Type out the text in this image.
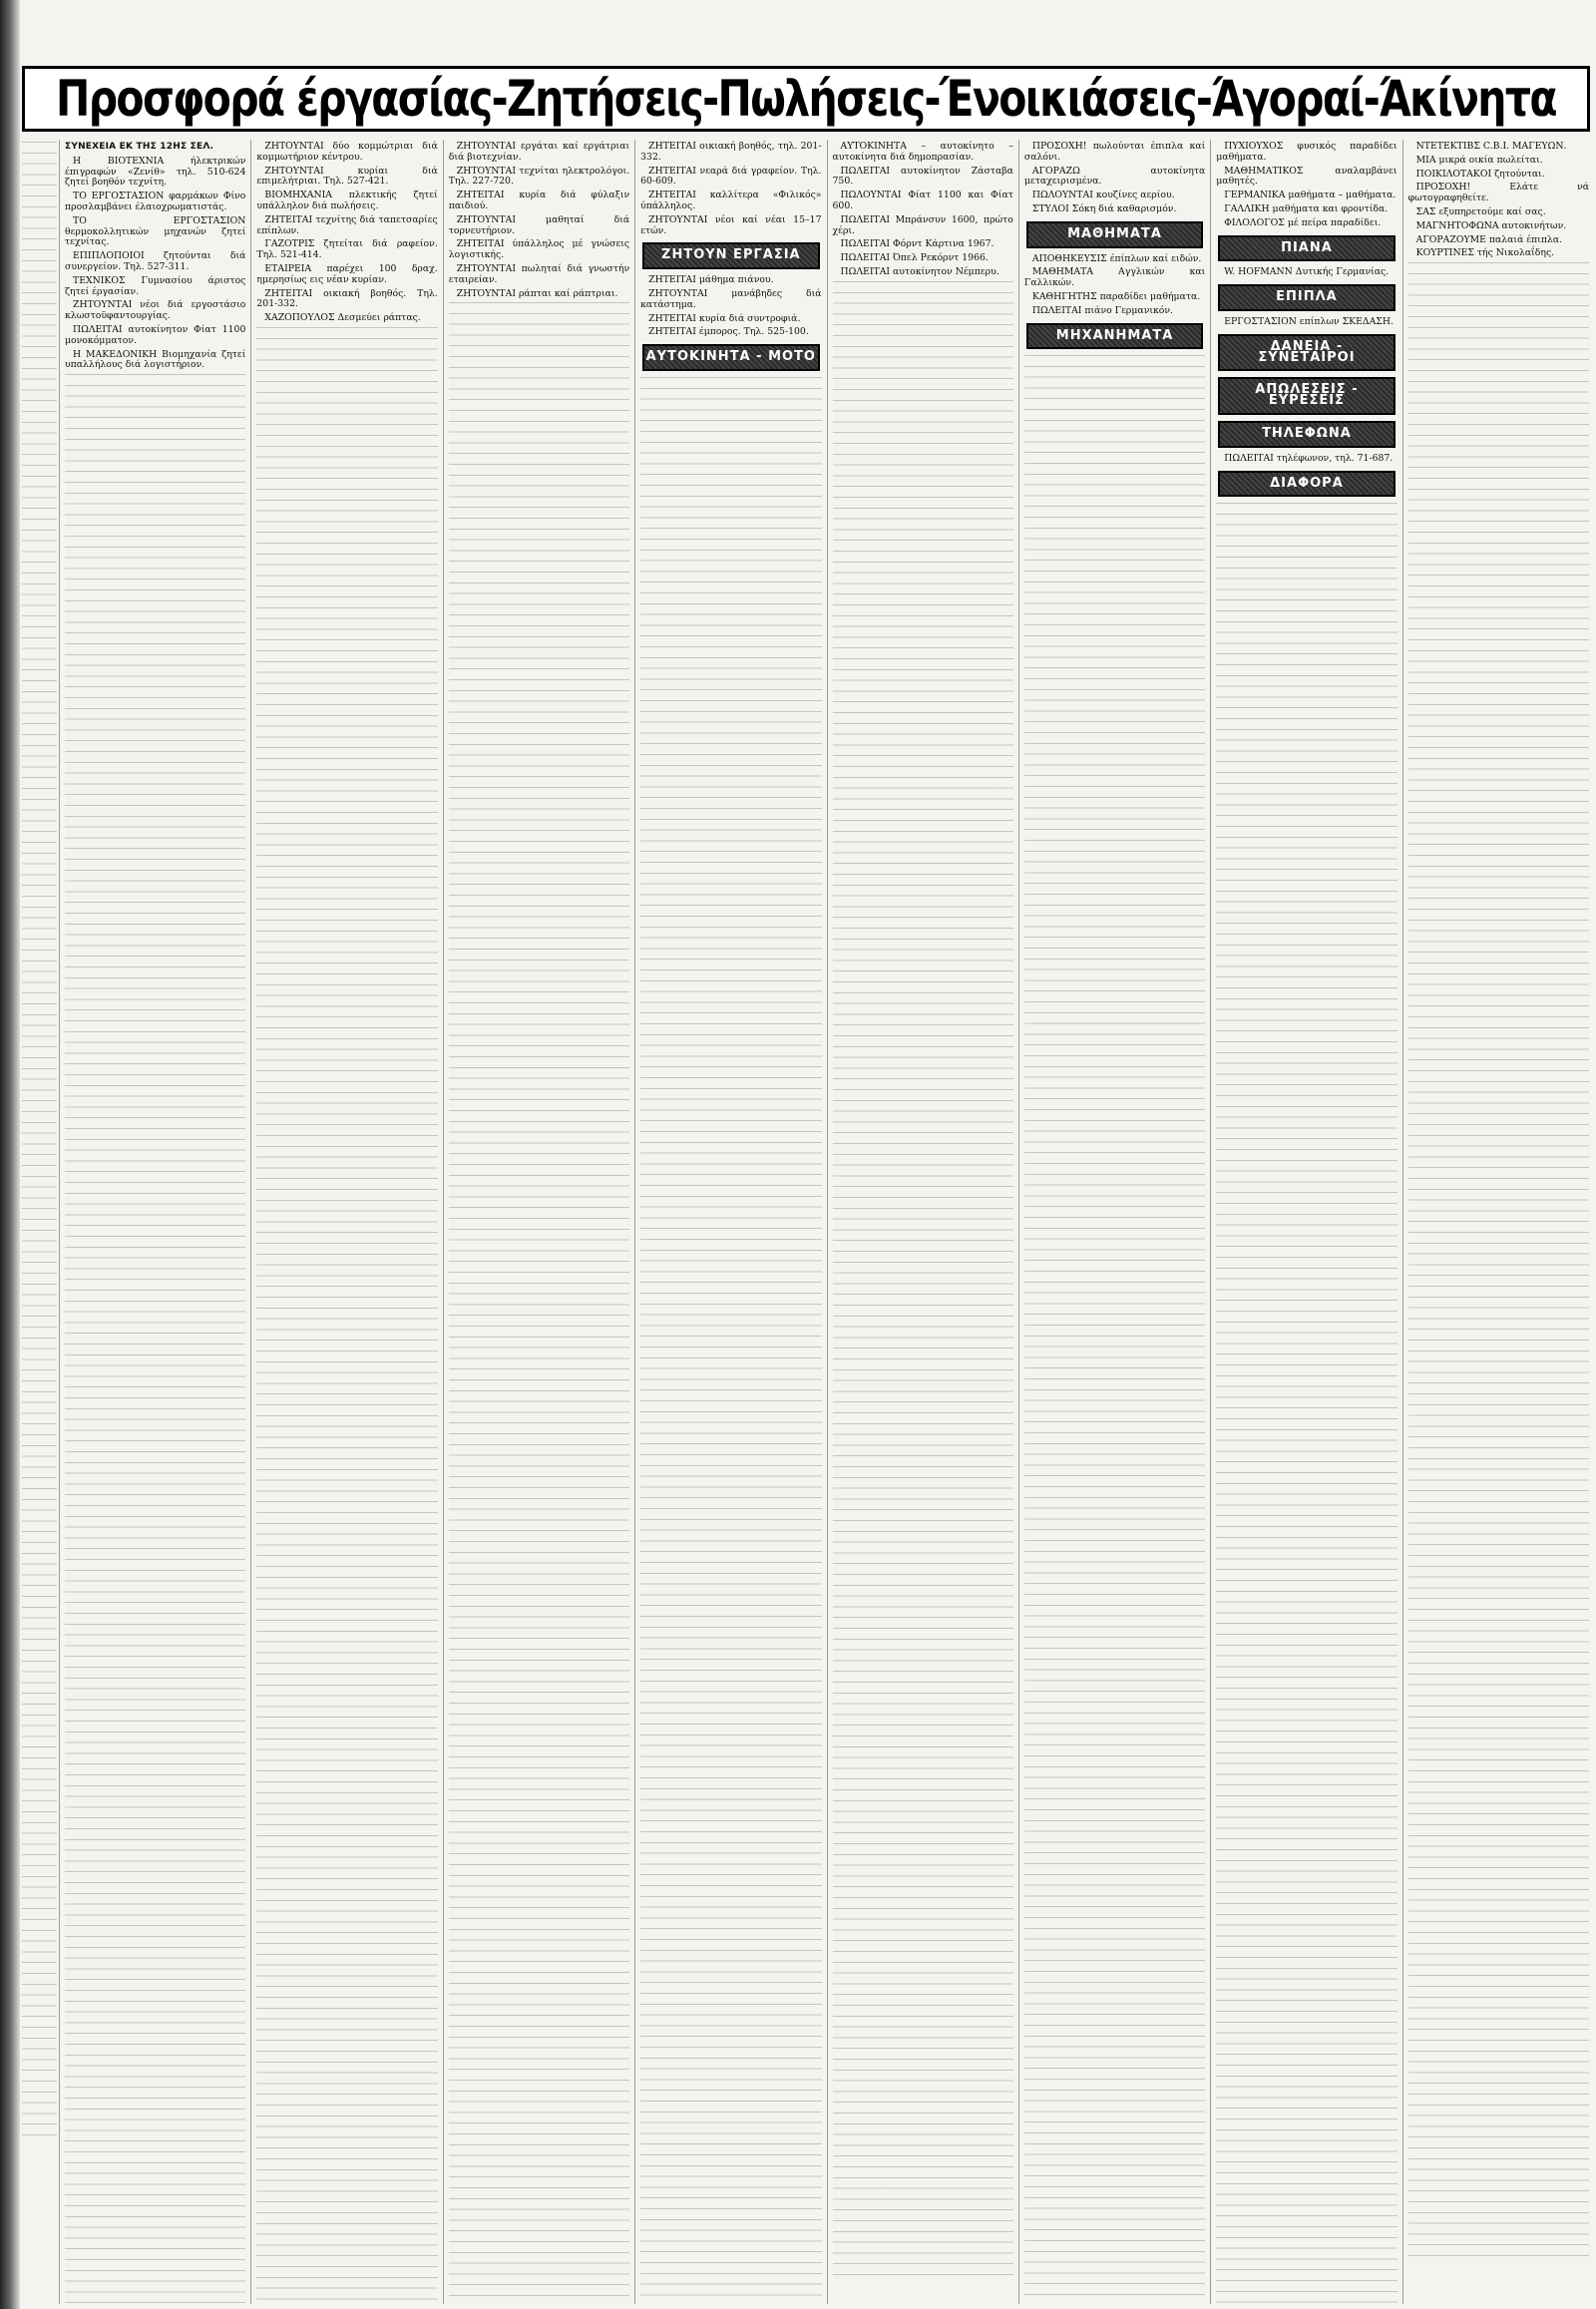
Προσφορά έργασίας-Ζητήσεις-Πωλήσεις-Ένοικιάσεις-Άγοραί-Άκίνητα
ΣΥΝΕΧΕΙΑ ΕΚ ΤΗΣ 12ΗΣ ΣΕΛ.

Η ΒΙΟΤΕΧΝΙΑ ήλεκτρικών έπιγραφών «Ζενίθ» τηλ. 510-624 ζητεί βοηθόν τεχνίτη.

ΤΟ ΕΡΓΟΣΤΑΣΙΟΝ φαρμάκων Φίνο προσλαμβάνει έλαιοχρωματιστάς.

ΤΟ ΕΡΓΟΣΤΑΣΙΟΝ θερμοκολλητικών μηχανών ζητεί τεχνίτας.

ΕΠΙΠΛΟΠΟΙΟΙ ζητούνται διά συνεργείον. Τηλ. 527-311.

ΤΕΧΝΙΚΟΣ Γυμνασίου άριστος ζητεί έργασίαν.

ΖΗΤΟΥΝΤΑΙ νέοι διά εργοστάσιο κλωστοϋφαντουργίας.

ΠΩΛΕΙΤΑΙ αυτοκίνητον Φίατ 1100 μονοκόμματον.

Η ΜΑΚΕΔΟΝΙΚΗ Βιομηχανία ζητεί υπαλλήλους διά λογιστήριον.

ΖΗΤΟΥΝΤΑΙ δύο κομμώτριαι διά κομμωτήριον κέντρου.

ΖΗΤΟΥΝΤΑΙ κυρίαι διά επιμελήτριαι. Τηλ. 527-421.

ΒΙΟΜΗΧΑΝΙΑ πλεκτικής ζητεί υπάλληλον διά πωλήσεις.

ΖΗΤΕΙΤΑΙ τεχνίτης διά ταπετσαρίες επίπλων.

ΓΑΖΟΤΡΙΣ ζητείται διά ραφείον. Τηλ. 521-414.

ΕΤΑΙΡΕΙΑ παρέχει 100 δραχ. ημερησίως εις νέαν κυρίαν.

ΖΗΤΕΙΤΑΙ οικιακή βοηθός. Τηλ. 201-332.

ΧΑΖΟΠΟΥΛΟΣ Δεσμεύει ράπτας.

ΖΗΤΟΥΝΤΑΙ εργάται καί εργάτριαι διά βιοτεχνίαν.

ΖΗΤΟΥΝΤΑΙ τεχνίται ηλεκτρολόγοι. Τηλ. 227-720.

ΖΗΤΕΙΤΑΙ κυρία διά φύλαξιν παιδιού.

ΖΗΤΟΥΝΤΑΙ μαθηταί διά τορνευτήριον.

ΖΗΤΕΙΤΑΙ ύπάλληλος μέ γνώσεις λογιστικής.

ΖΗΤΟΥΝΤΑΙ πωληταί διά γνωστήν εταιρείαν.

ΖΗΤΟΥΝΤΑΙ ράπται καί ράπτριαι.

ΖΗΤΕΙΤΑΙ οικιακή βοηθός, τηλ. 201-332.

ΖΗΤΕΙΤΑΙ νεαρά διά γραφείον. Τηλ. 60-609.

ΖΗΤΕΙΤΑΙ καλλίτερα «Φιλικός» ύπάλληλος.

ΖΗΤΟΥΝΤΑΙ νέοι καί νέαι 15–17 ετών.

ΖΗΤΟΥΝ ΕΡΓΑΣΙΑ

ΖΗΤΕΙΤΑΙ μάθημα πιάνου.

ΖΗΤΟΥΝΤΑΙ μανάβηδες διά κατάστημα.

ΖΗΤΕΙΤΑΙ κυρία διά συντροφιά.

ΖΗΤΕΙΤΑΙ έμπορος. Τηλ. 525-100.

ΑΥΤΟΚΙΝΗΤΑ - ΜΟΤΟ

ΑΥΤΟΚΙΝΗΤΑ – αυτοκίνητο – αυτοκίνητα διά δημοπρασίαν.

ΠΩΛΕΙΤΑΙ αυτοκίνητον Ζάσταβα 750.

ΠΩΛΟΥΝΤΑΙ Φίατ 1100 και Φίατ 600.

ΠΩΛΕΙΤΑΙ Μπράνσυν 1600, πρώτο χέρι.

ΠΩΛΕΙΤΑΙ Φόρντ Κάρτινα 1967.

ΠΩΛΕΙΤΑΙ Όπελ Ρεκόρντ 1966.

ΠΩΛΕΙΤΑΙ αυτοκίνητον Νέμπερυ.

ΠΡΟΣΟΧΗ! πωλούνται έπιπλα καί σαλόνι.

ΑΓΟΡΑΖΩ αυτοκίνητα μεταχειρισμένα.

ΠΩΛΟΥΝΤΑΙ κουζίνες αερίου.

ΣΤΥΛΟΙ Σόκη διά καθαρισμόν.

ΜΑΘΗΜΑΤΑ

ΑΠΟΘΗΚΕΥΣΙΣ έπίπλων καί ειδών.

ΜΑΘΗΜΑΤΑ Αγγλικών και Γαλλικών.

ΚΑΘΗΓΗΤΗΣ παραδίδει μαθήματα.

ΠΩΛΕΙΤΑΙ πιάνο Γερμανικόν.

ΜΗΧΑΝΗΜΑΤΑ

ΠΥΧΙΟΥΧΟΣ φυσικός παραδίδει μαθήματα.

ΜΑΘΗΜΑΤΙΚΟΣ αναλαμβάνει μαθητές.

ΓΕΡΜΑΝΙΚΑ μαθήματα – μαθήματα.

ΓΑΛΛΙΚΗ μαθήματα και φροντίδα.

ΦΙΛΟΛΟΓΟΣ μέ πείρα παραδίδει.

ΠΙΑΝΑ

W. HOFMANN Δυτικής Γερμανίας.

ΕΠΙΠΛΑ

ΕΡΓΟΣΤΑΣΙΟΝ επίπλων ΣΚΕΔΑΣΗ.

ΔΑΝΕΙΑ - ΣΥΝΕΤΑΙΡΟΙ
ΑΠΩΛΕΣΕΙΣ - ΕΥΡΕΣΕΙΣ
ΤΗΛΕΦΩΝΑ

ΠΩΛΕΙΤΑΙ τηλέφωνον, τηλ. 71-687.

ΔΙΑΦΟΡΑ

ΝΤΕΤΕΚΤΙΒΣ C.B.I. ΜΑΓΕΥΩΝ.

ΜΙΑ μικρά οικία πωλείται.

ΠΟΙΚΙΛΟΤΑΚΟΙ ζητούνται.

ΠΡΟΣΟΧΗ! Ελάτε νά φωτογραφηθείτε.

ΣΑΣ εξυπηρετούμε καί σας.

ΜΑΓΝΗΤΟΦΩΝΑ αυτοκινήτων.

ΑΓΟΡΑΖΟΥΜΕ παλαιά έπιπλα.

ΚΟΥΡΤΙΝΕΣ τής Νικολαΐδης.
